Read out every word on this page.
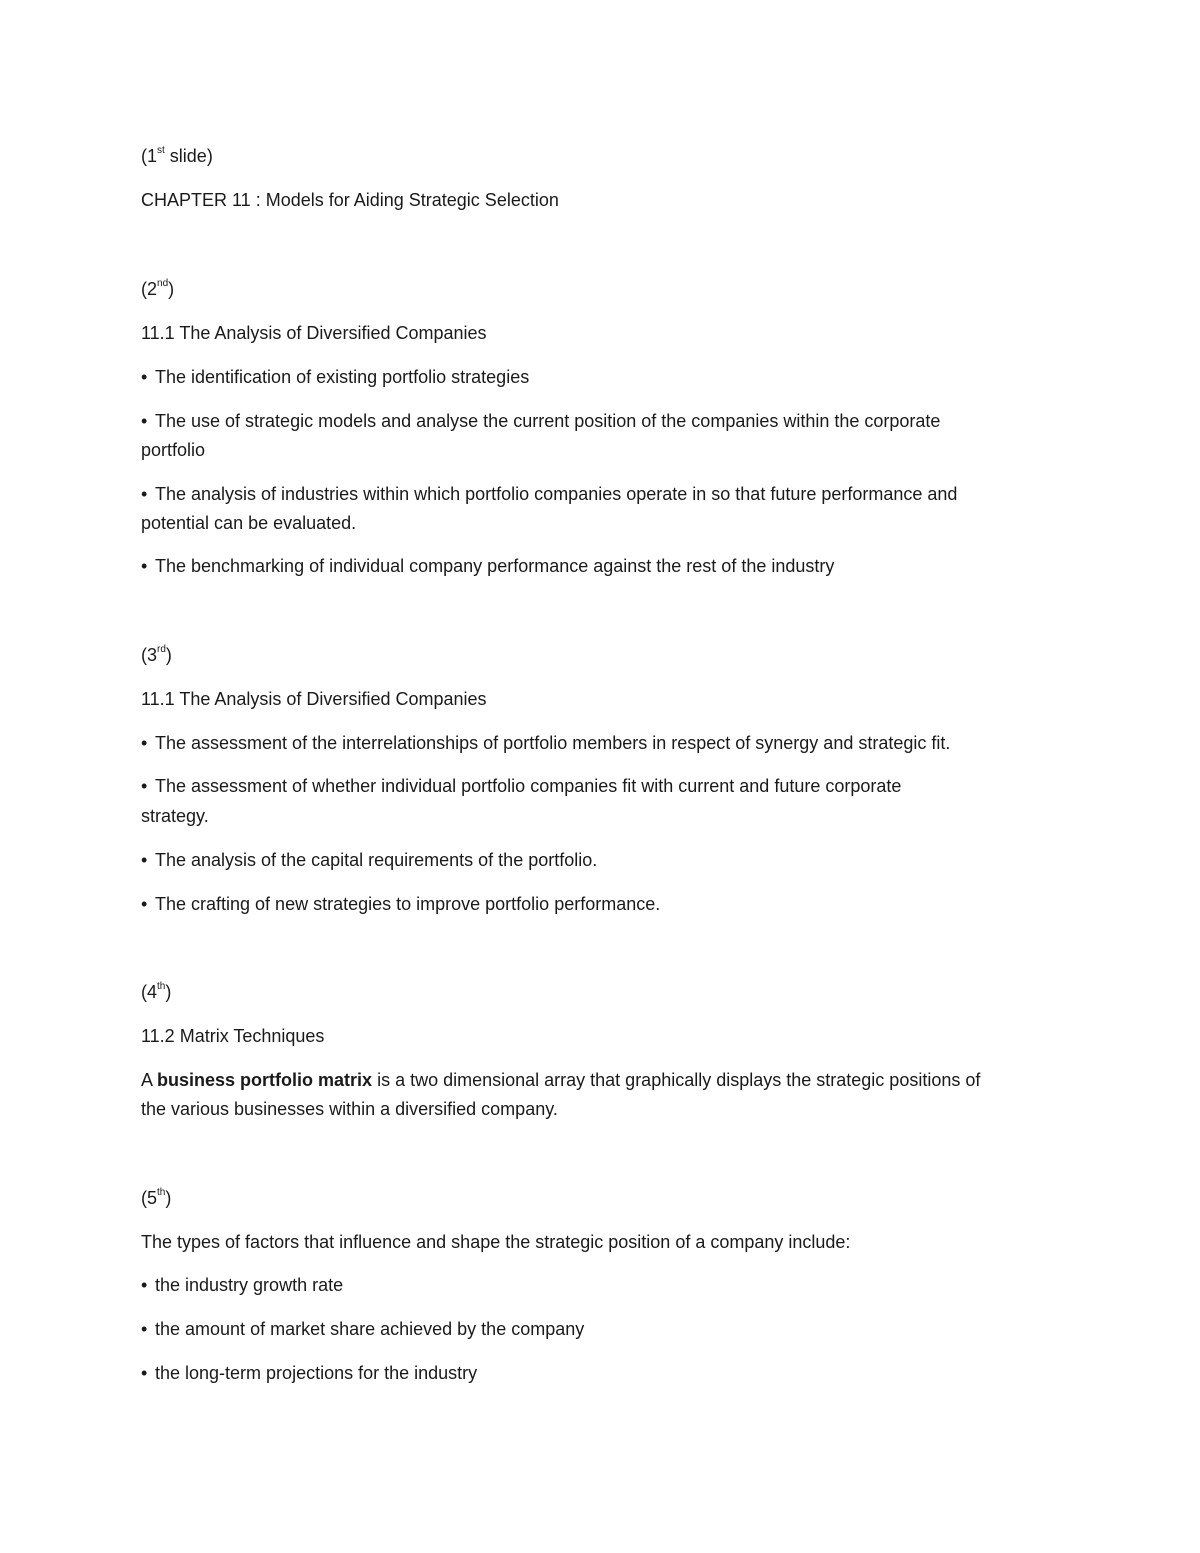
(1st slide)
CHAPTER 11 : Models for Aiding Strategic Selection
(2nd)
11.1 The Analysis of Diversified Companies
• The identification of existing portfolio strategies
• The use of strategic models and analyse the current position of the companies within the corporate
portfolio
• The analysis of industries within which portfolio companies operate in so that future performance and
potential can be evaluated.
• The benchmarking of individual company performance against the rest of the industry
(3rd)
11.1 The Analysis of Diversified Companies
• The assessment of the interrelationships of portfolio members in respect of synergy and strategic fit.
• The assessment of whether individual portfolio companies fit with current and future corporate
strategy.
• The analysis of the capital requirements of the portfolio.
• The crafting of new strategies to improve portfolio performance.
(4th)
11.2 Matrix Techniques
A business portfolio matrix is a two dimensional array that graphically displays the strategic positions of
the various businesses within a diversified company.
(5th)
The types of factors that influence and shape the strategic position of a company include:
• the industry growth rate
• the amount of market share achieved by the company
• the long-term projections for the industry
